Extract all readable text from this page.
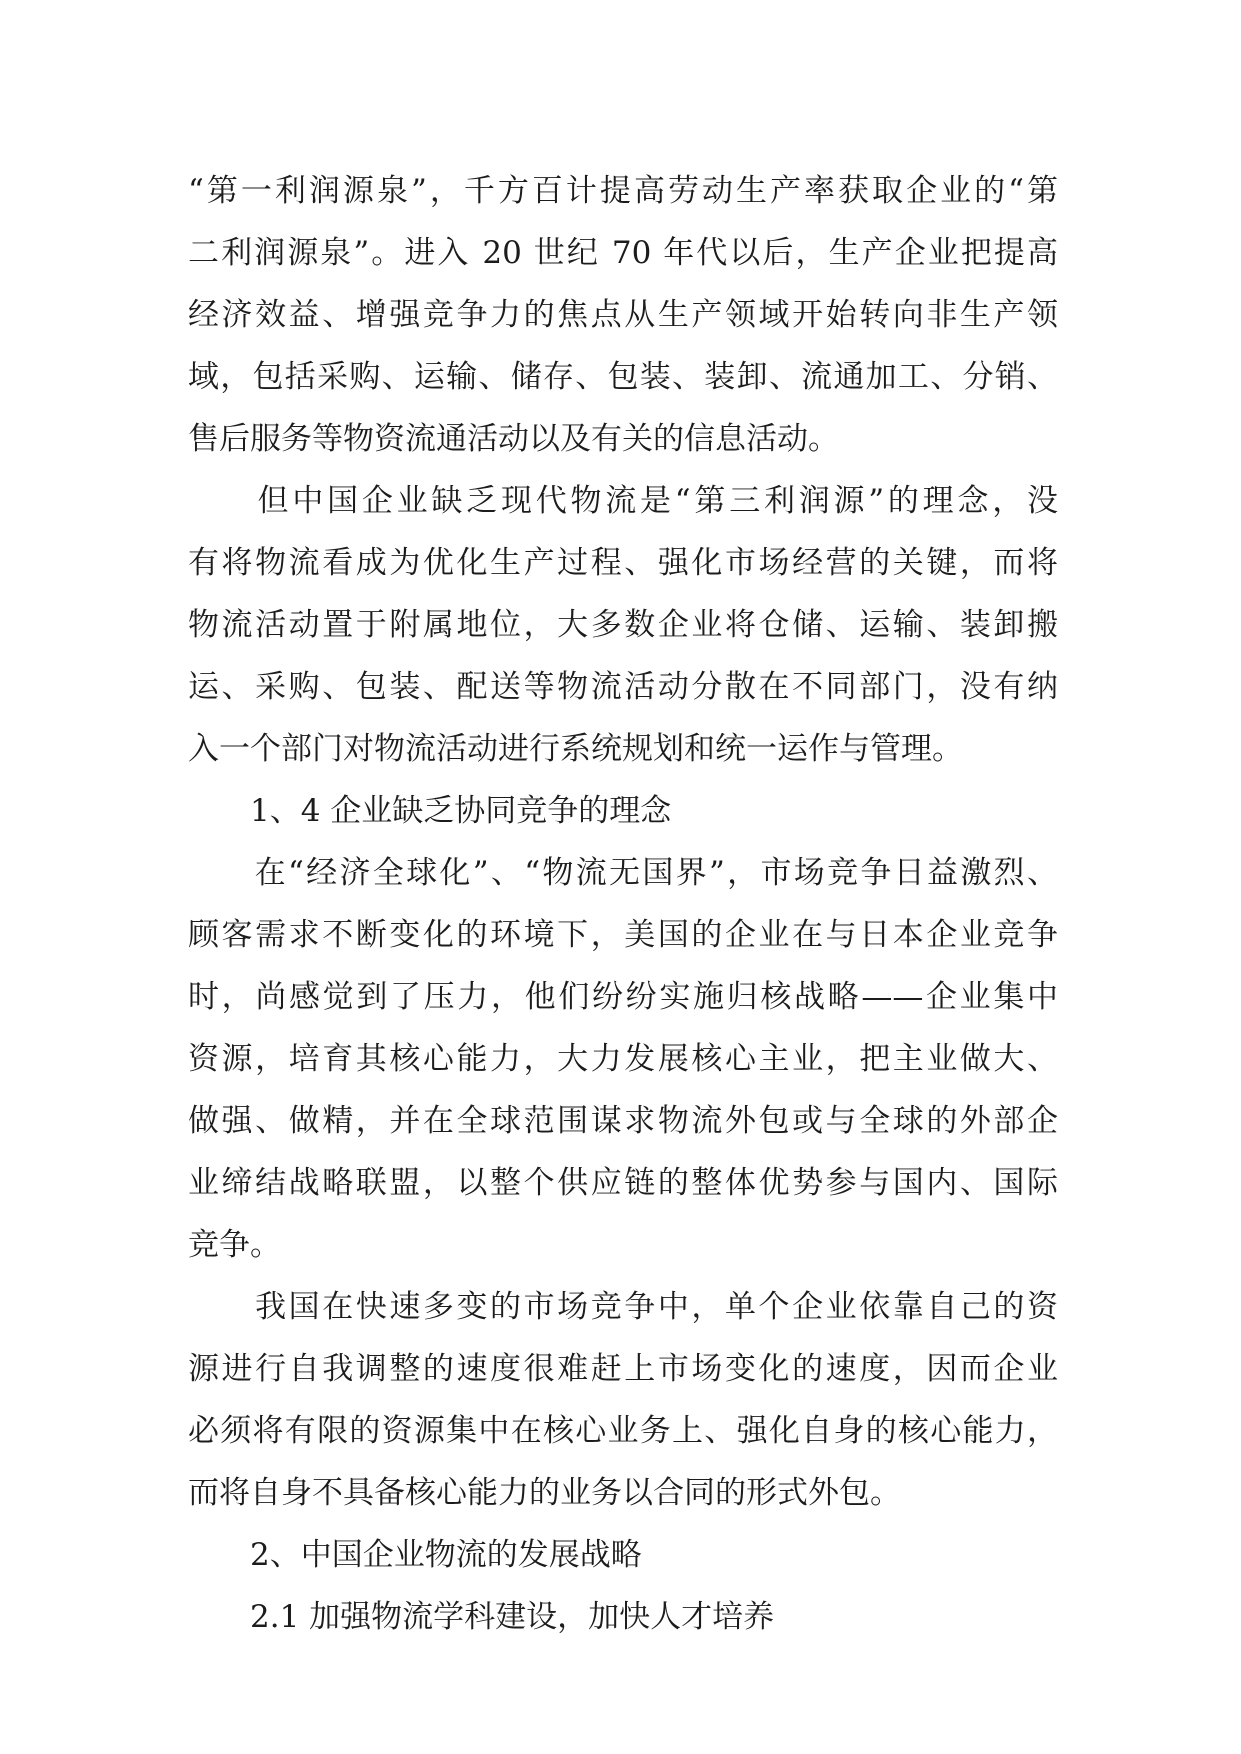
“第一利润源泉”，千方百计提高劳动生产率获取企业的“第
二利润源泉”。进入 20 世纪 70 年代以后，生产企业把提高
经济效益、增强竞争力的焦点从生产领域开始转向非生产领
域，包括采购、运输、储存、包装、装卸、流通加工、分销、
售后服务等物资流通活动以及有关的信息活动。
　　但中国企业缺乏现代物流是“第三利润源”的理念，没
有将物流看成为优化生产过程、强化市场经营的关键，而将
物流活动置于附属地位，大多数企业将仓储、运输、装卸搬
运、采购、包装、配送等物流活动分散在不同部门，没有纳
入一个部门对物流活动进行系统规划和统一运作与管理。
　　1、4 企业缺乏协同竞争的理念
　　在“经济全球化”、“物流无国界”，市场竞争日益激烈、
顾客需求不断变化的环境下，美国的企业在与日本企业竞争
时，尚感觉到了压力，他们纷纷实施归核战略——企业集中
资源，培育其核心能力，大力发展核心主业，把主业做大、
做强、做精，并在全球范围谋求物流外包或与全球的外部企
业缔结战略联盟，以整个供应链的整体优势参与国内、国际
竞争。
　　我国在快速多变的市场竞争中，单个企业依靠自己的资
源进行自我调整的速度很难赶上市场变化的速度，因而企业
必须将有限的资源集中在核心业务上、强化自身的核心能力，
而将自身不具备核心能力的业务以合同的形式外包。
　　2、中国企业物流的发展战略
　　2.1 加强物流学科建设，加快人才培养
